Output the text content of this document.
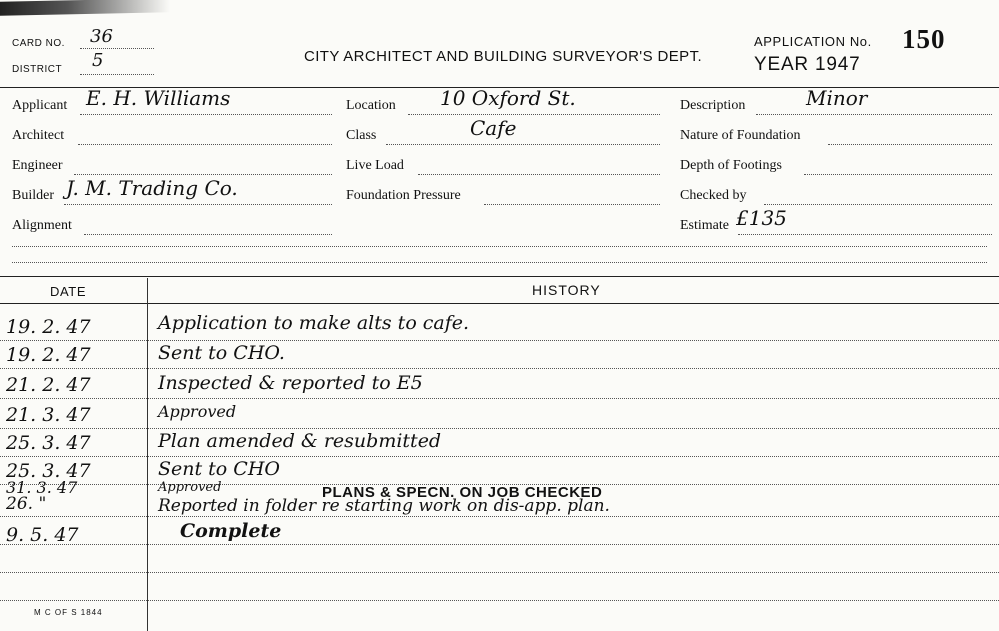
CARD NO. 36
DISTRICT 5	CITY ARCHITECT AND BUILDING SURVEYOR'S DEPT.
APPLICATION No. 150
YEAR 1947
Applicant E. H. Williams
Architect
Engineer
Builder J. M. Trading Co.
Alignment
Location 10 Oxford St.
Class	Cafe
Live Load
Foundation Pressure
Description	Minor
Nature of Foundation
Depth of Footings
Checked by
Estimate £135
DATE	HISTORY
19. 2. 47	Application to make alts to cafe.
19. 2. 47	Sent to CHO.
21. 2. 47	Inspected & reported to E5
21. 3. 47	Approved
25. 3. 47	Plan amended & resubmitted
25. 3. 47	Sent to CHO
31. 3. 47	Approved	PLANS & SPECN. ON JOB CHECKED
26. "	Reported in folder re starting work on dis-app. plan.
9. 5. 47	Complete
M C OF S 1844
